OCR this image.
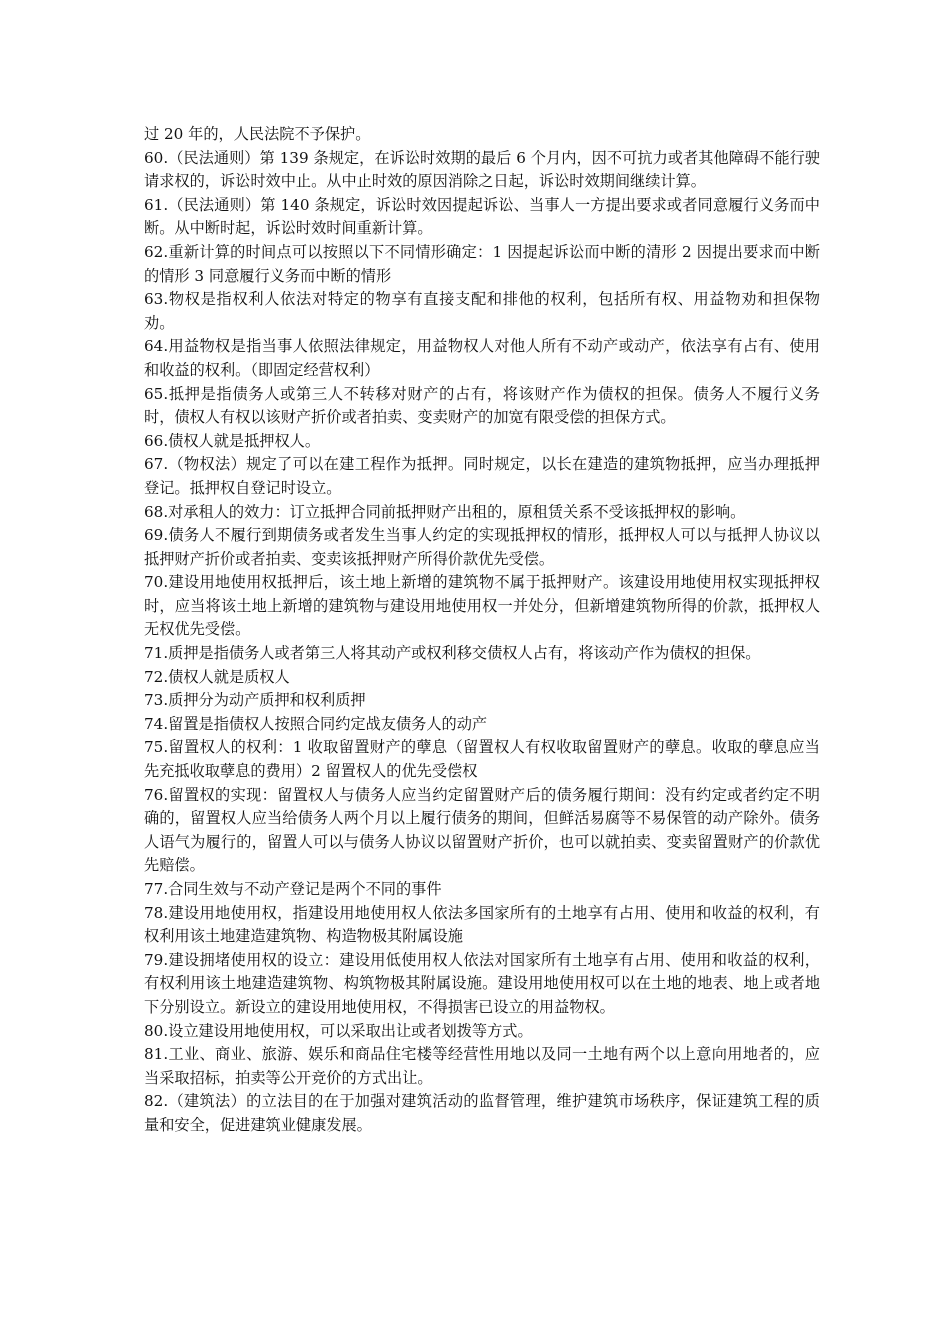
过 20 年的，人民法院不予保护。

60.（民法通则）第 139 条规定，在诉讼时效期的最后 6 个月内，因不可抗力或者其他障碍不能行驶请求权的，诉讼时效中止。从中止时效的原因消除之日起，诉讼时效期间继续计算。

61.（民法通则）第 140 条规定，诉讼时效因提起诉讼、当事人一方提出要求或者同意履行义务而中断。从中断时起，诉讼时效时间重新计算。

62.重新计算的时间点可以按照以下不同情形确定：1 因提起诉讼而中断的清形 2 因提出要求而中断的情形 3 同意履行义务而中断的情形

63.物权是指权利人依法对特定的物享有直接支配和排他的权利，包括所有权、用益物劝和担保物劝。

64.用益物权是指当事人依照法律规定，用益物权人对他人所有不动产或动产，依法享有占有、使用和收益的权利。（即固定经营权利）

65.抵押是指债务人或第三人不转移对财产的占有，将该财产作为债权的担保。债务人不履行义务时，债权人有权以该财产折价或者拍卖、变卖财产的加宽有限受偿的担保方式。

66.债权人就是抵押权人。

67.（物权法）规定了可以在建工程作为抵押。同时规定，以长在建造的建筑物抵押，应当办理抵押登记。抵押权自登记时设立。

68.对承租人的效力：订立抵押合同前抵押财产出租的，原租赁关系不受该抵押权的影响。

69.债务人不履行到期债务或者发生当事人约定的实现抵押权的情形，抵押权人可以与抵押人协议以抵押财产折价或者拍卖、变卖该抵押财产所得价款优先受偿。

70.建设用地使用权抵押后，该土地上新增的建筑物不属于抵押财产。该建设用地使用权实现抵押权时，应当将该土地上新增的建筑物与建设用地使用权一并处分，但新增建筑物所得的价款，抵押权人无权优先受偿。

71.质押是指债务人或者第三人将其动产或权利移交债权人占有，将该动产作为债权的担保。

72.债权人就是质权人

73.质押分为动产质押和权利质押

74.留置是指债权人按照合同约定战友债务人的动产

75.留置权人的权利：1 收取留置财产的孽息（留置权人有权收取留置财产的孽息。收取的孽息应当先充抵收取孽息的费用）2 留置权人的优先受偿权

76.留置权的实现：留置权人与债务人应当约定留置财产后的债务履行期间：没有约定或者约定不明确的，留置权人应当给债务人两个月以上履行债务的期间，但鲜活易腐等不易保管的动产除外。债务人语气为履行的，留置人可以与债务人协议以留置财产折价，也可以就拍卖、变卖留置财产的价款优先赔偿。

77.合同生效与不动产登记是两个不同的事件

78.建设用地使用权，指建设用地使用权人依法多国家所有的土地享有占用、使用和收益的权利，有权利用该土地建造建筑物、构造物极其附属设施

79.建设拥堵使用权的设立：建设用低使用权人依法对国家所有土地享有占用、使用和收益的权利，有权利用该土地建造建筑物、构筑物极其附属设施。建设用地使用权可以在土地的地表、地上或者地下分别设立。新设立的建设用地使用权，不得损害已设立的用益物权。

80.设立建设用地使用权，可以采取出让或者划拨等方式。

81.工业、商业、旅游、娱乐和商品住宅楼等经营性用地以及同一土地有两个以上意向用地者的，应当采取招标，拍卖等公开竞价的方式出让。

82.（建筑法）的立法目的在于加强对建筑活动的监督管理，维护建筑市场秩序，保证建筑工程的质量和安全，促进建筑业健康发展。
